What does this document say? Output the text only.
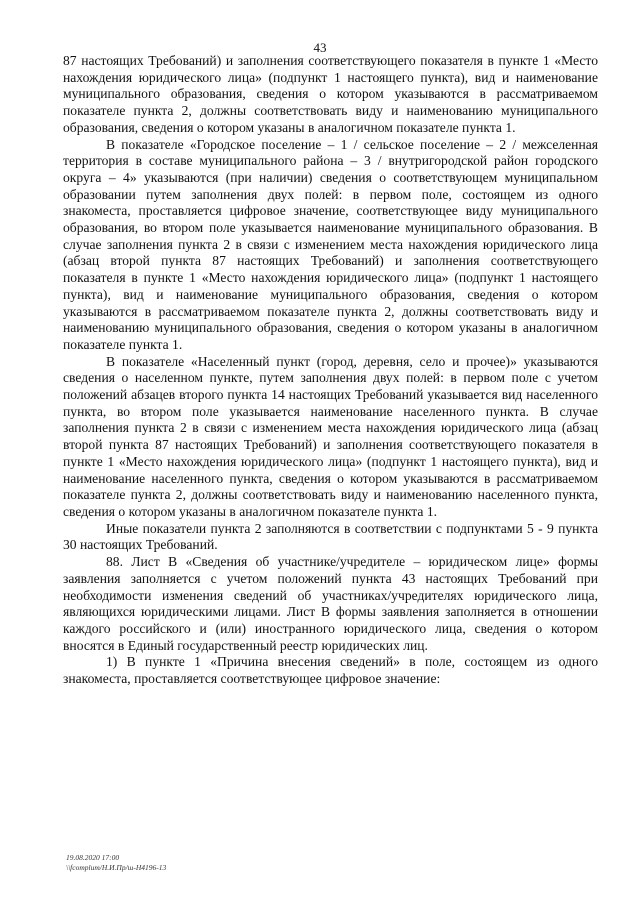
43

87 настоящих Требований) и заполнения соответствующего показателя в пункте 1 «Место нахождения юридического лица» (подпункт 1 настоящего пункта), вид и наименование муниципального образования, сведения о котором указываются в рассматриваемом показателе пункта 2, должны соответствовать виду и наименованию муниципального образования, сведения о котором указаны в аналогичном показателе пункта 1.

В показателе «Городское поселение – 1 / сельское поселение – 2 / межселенная территория в составе муниципального района – 3 / внутригородской район городского округа – 4» указываются (при наличии) сведения о соответствующем муниципальном образовании путем заполнения двух полей: в первом поле, состоящем из одного знакоместа, проставляется цифровое значение, соответствующее виду муниципального образования, во втором поле указывается наименование муниципального образования. В случае заполнения пункта 2 в связи с изменением места нахождения юридического лица (абзац второй пункта 87 настоящих Требований) и заполнения соответствующего показателя в пункте 1 «Место нахождения юридического лица» (подпункт 1 настоящего пункта), вид и наименование муниципального образования, сведения о котором указываются в рассматриваемом показателе пункта 2, должны соответствовать виду и наименованию муниципального образования, сведения о котором указаны в аналогичном показателе пункта 1.

В показателе «Населенный пункт (город, деревня, село и прочее)» указываются сведения о населенном пункте, путем заполнения двух полей: в первом поле с учетом положений абзацев второго пункта 14 настоящих Требований указывается вид населенного пункта, во втором поле указывается наименование населенного пункта. В случае заполнения пункта 2 в связи с изменением места нахождения юридического лица (абзац второй пункта 87 настоящих Требований) и заполнения соответствующего показателя в пункте 1 «Место нахождения юридического лица» (подпункт 1 настоящего пункта), вид и наименование населенного пункта, сведения о котором указываются в рассматриваемом показателе пункта 2, должны соответствовать виду и наименованию населенного пункта, сведения о котором указаны в аналогичном показателе пункта 1.

Иные показатели пункта 2 заполняются в соответствии с подпунктами 5 - 9 пункта 30 настоящих Требований.

88. Лист В «Сведения об участнике/учредителе – юридическом лице» формы заявления заполняется с учетом положений пункта 43 настоящих Требований при необходимости изменения сведений об участниках/учредителях юридического лица, являющихся юридическими лицами. Лист В формы заявления заполняется в отношении каждого российского и (или) иностранного юридического лица, сведения о котором вносятся в Единый государственный реестр юридических лиц.

1) В пункте 1 «Причина внесения сведений» в поле, состоящем из одного знакоместа, проставляется соответствующее цифровое значение:

19.08.2020 17:00
\\fcomplum/Н.И.Пр/ш-Н4196-13
